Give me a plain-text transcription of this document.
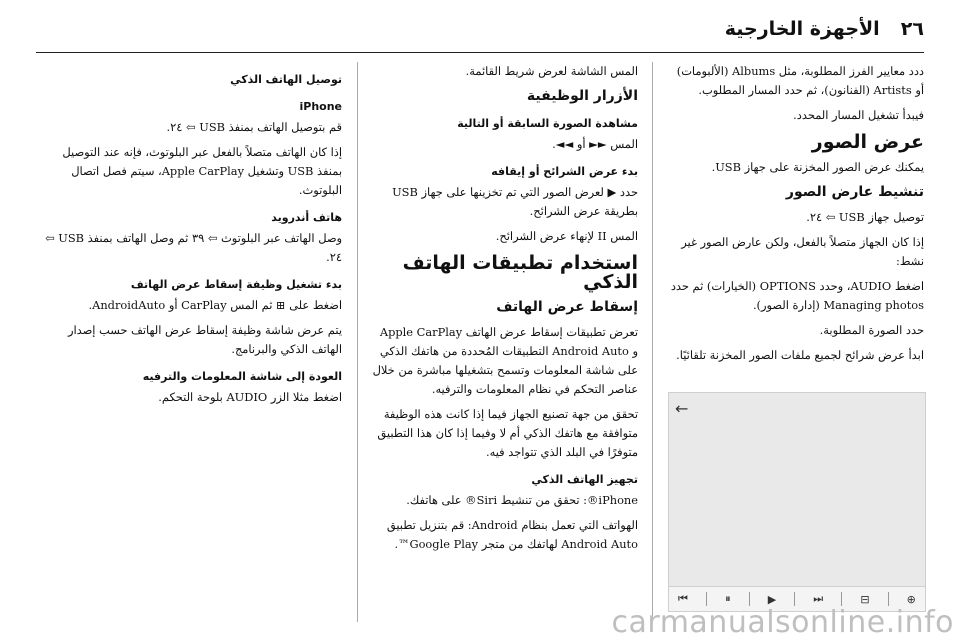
٢٦ الأجهزة الخارجية

ددد معايير الفرز المطلوبة، مثل Albums (الألبومات) أو Artists (الفنانون)، ثم حدد المسار المطلوب.

فيبدأ تشغيل المسار المحدد.

عرض الصور

يمكنك عرض الصور المخزنة على جهاز USB.

تنشيط عارض الصور

توصيل جهاز USB ⇦ ٢٤.

إذا كان الجهاز متصلاً بالفعل، ولكن عارض الصور غير نشط:

اضغط AUDIO، وحدد OPTIONS (الخيارات) ثم حدد Managing photos (إدارة الصور).

حدد الصورة المطلوبة.

ابدأ عرض شرائح لجميع ملفات الصور المخزنة تلقائيًا.

←
⏮	⏸	▶	⏭	⊟	⊕

المس الشاشة لعرض شريط القائمة.

الأزرار الوظيفية
مشاهدة الصورة السابقة أو التالية

المس ►► أو ◄◄.

بدء عرض الشرائح أو إيقافه

حدد ▶ لعرض الصور التي تم تخزينها على جهاز USB بطريقة عرض الشرائح.

المس II لإنهاء عرض الشرائح.

استخدام تطبيقات الهاتف الذكي
إسقاط عرض الهاتف

تعرض تطبيقات إسقاط عرض الهاتف Apple CarPlay و Android Auto التطبيقات المُحددة من هاتفك الذكي على شاشة المعلومات وتسمح بتشغيلها مباشرة من خلال عناصر التحكم في نظام المعلومات والترفيه.

تحقق من جهة تصنيع الجهاز فيما إذا كانت هذه الوظيفة متوافقة مع هاتفك الذكي أم لا وفيما إذا كان هذا التطبيق متوفرًا في البلد الذي تتواجد فيه.

تجهيز الهاتف الذكي

iPhone®: تحقق من تنشيط Siri® على هاتفك.

الهواتف التي تعمل بنظام Android: قم بتنزيل تطبيق Android Auto لهاتفك من متجر Google Play™.

توصيل الهاتف الذكي
iPhone

قم بتوصيل الهاتف بمنفذ USB ⇦ ٢٤.

إذا كان الهاتف متصلاً بالفعل عبر البلوتوث، فإنه عند التوصيل بمنفذ USB وتشغيل Apple CarPlay، سيتم فصل اتصال البلوتوث.

هاتف أندرويد

وصل الهاتف عبر البلوتوث ⇦ ٣٩ ثم وصل الهاتف بمنفذ USB ⇦ ٢٤.

بدء تشغيل وظيفة إسقاط عرض الهاتف

اضغط على ⊞ ثم المس CarPlay أو AndroidAuto.

يتم عرض شاشة وظيفة إسقاط عرض الهاتف حسب إصدار الهاتف الذكي والبرنامج.

العودة إلى شاشة المعلومات والترفيه

اضغط مثلا الزر AUDIO بلوحة التحكم.

carmanualsonline.info
